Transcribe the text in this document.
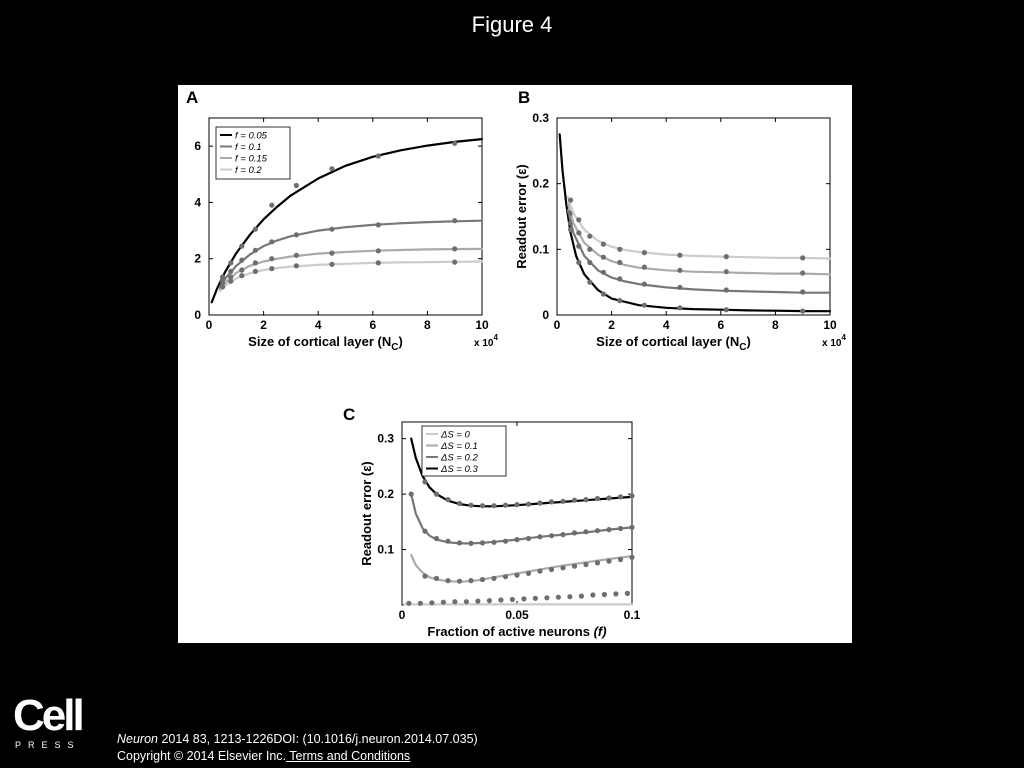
Figure 4
A
0	2	4	6	8	10
0
2
4
6
Size of cortical layer $(N_C)$	x $10^4$
SNR
f = 0.05
f = 0.1
f = 0.15
f = 0.2
B
0	2	4	6	8	10
0
0.1
0.2
0.3
Size of cortical layer $(N_C)$	x $10^4$
Readout error (ε)
C
0	0.05	0.1
0.1
0.2
0.3
Fraction of active neurons (f)
Readout error (ε)
ΔS = 0
ΔS = 0.1
ΔS = 0.2
ΔS = 0.3
Cell
PRESS	Neuron 2014 83, 1213-1226DOI: (10.1016/j.neuron.2014.07.035)
Copyright © 2014 Elsevier Inc. Terms and Conditions
